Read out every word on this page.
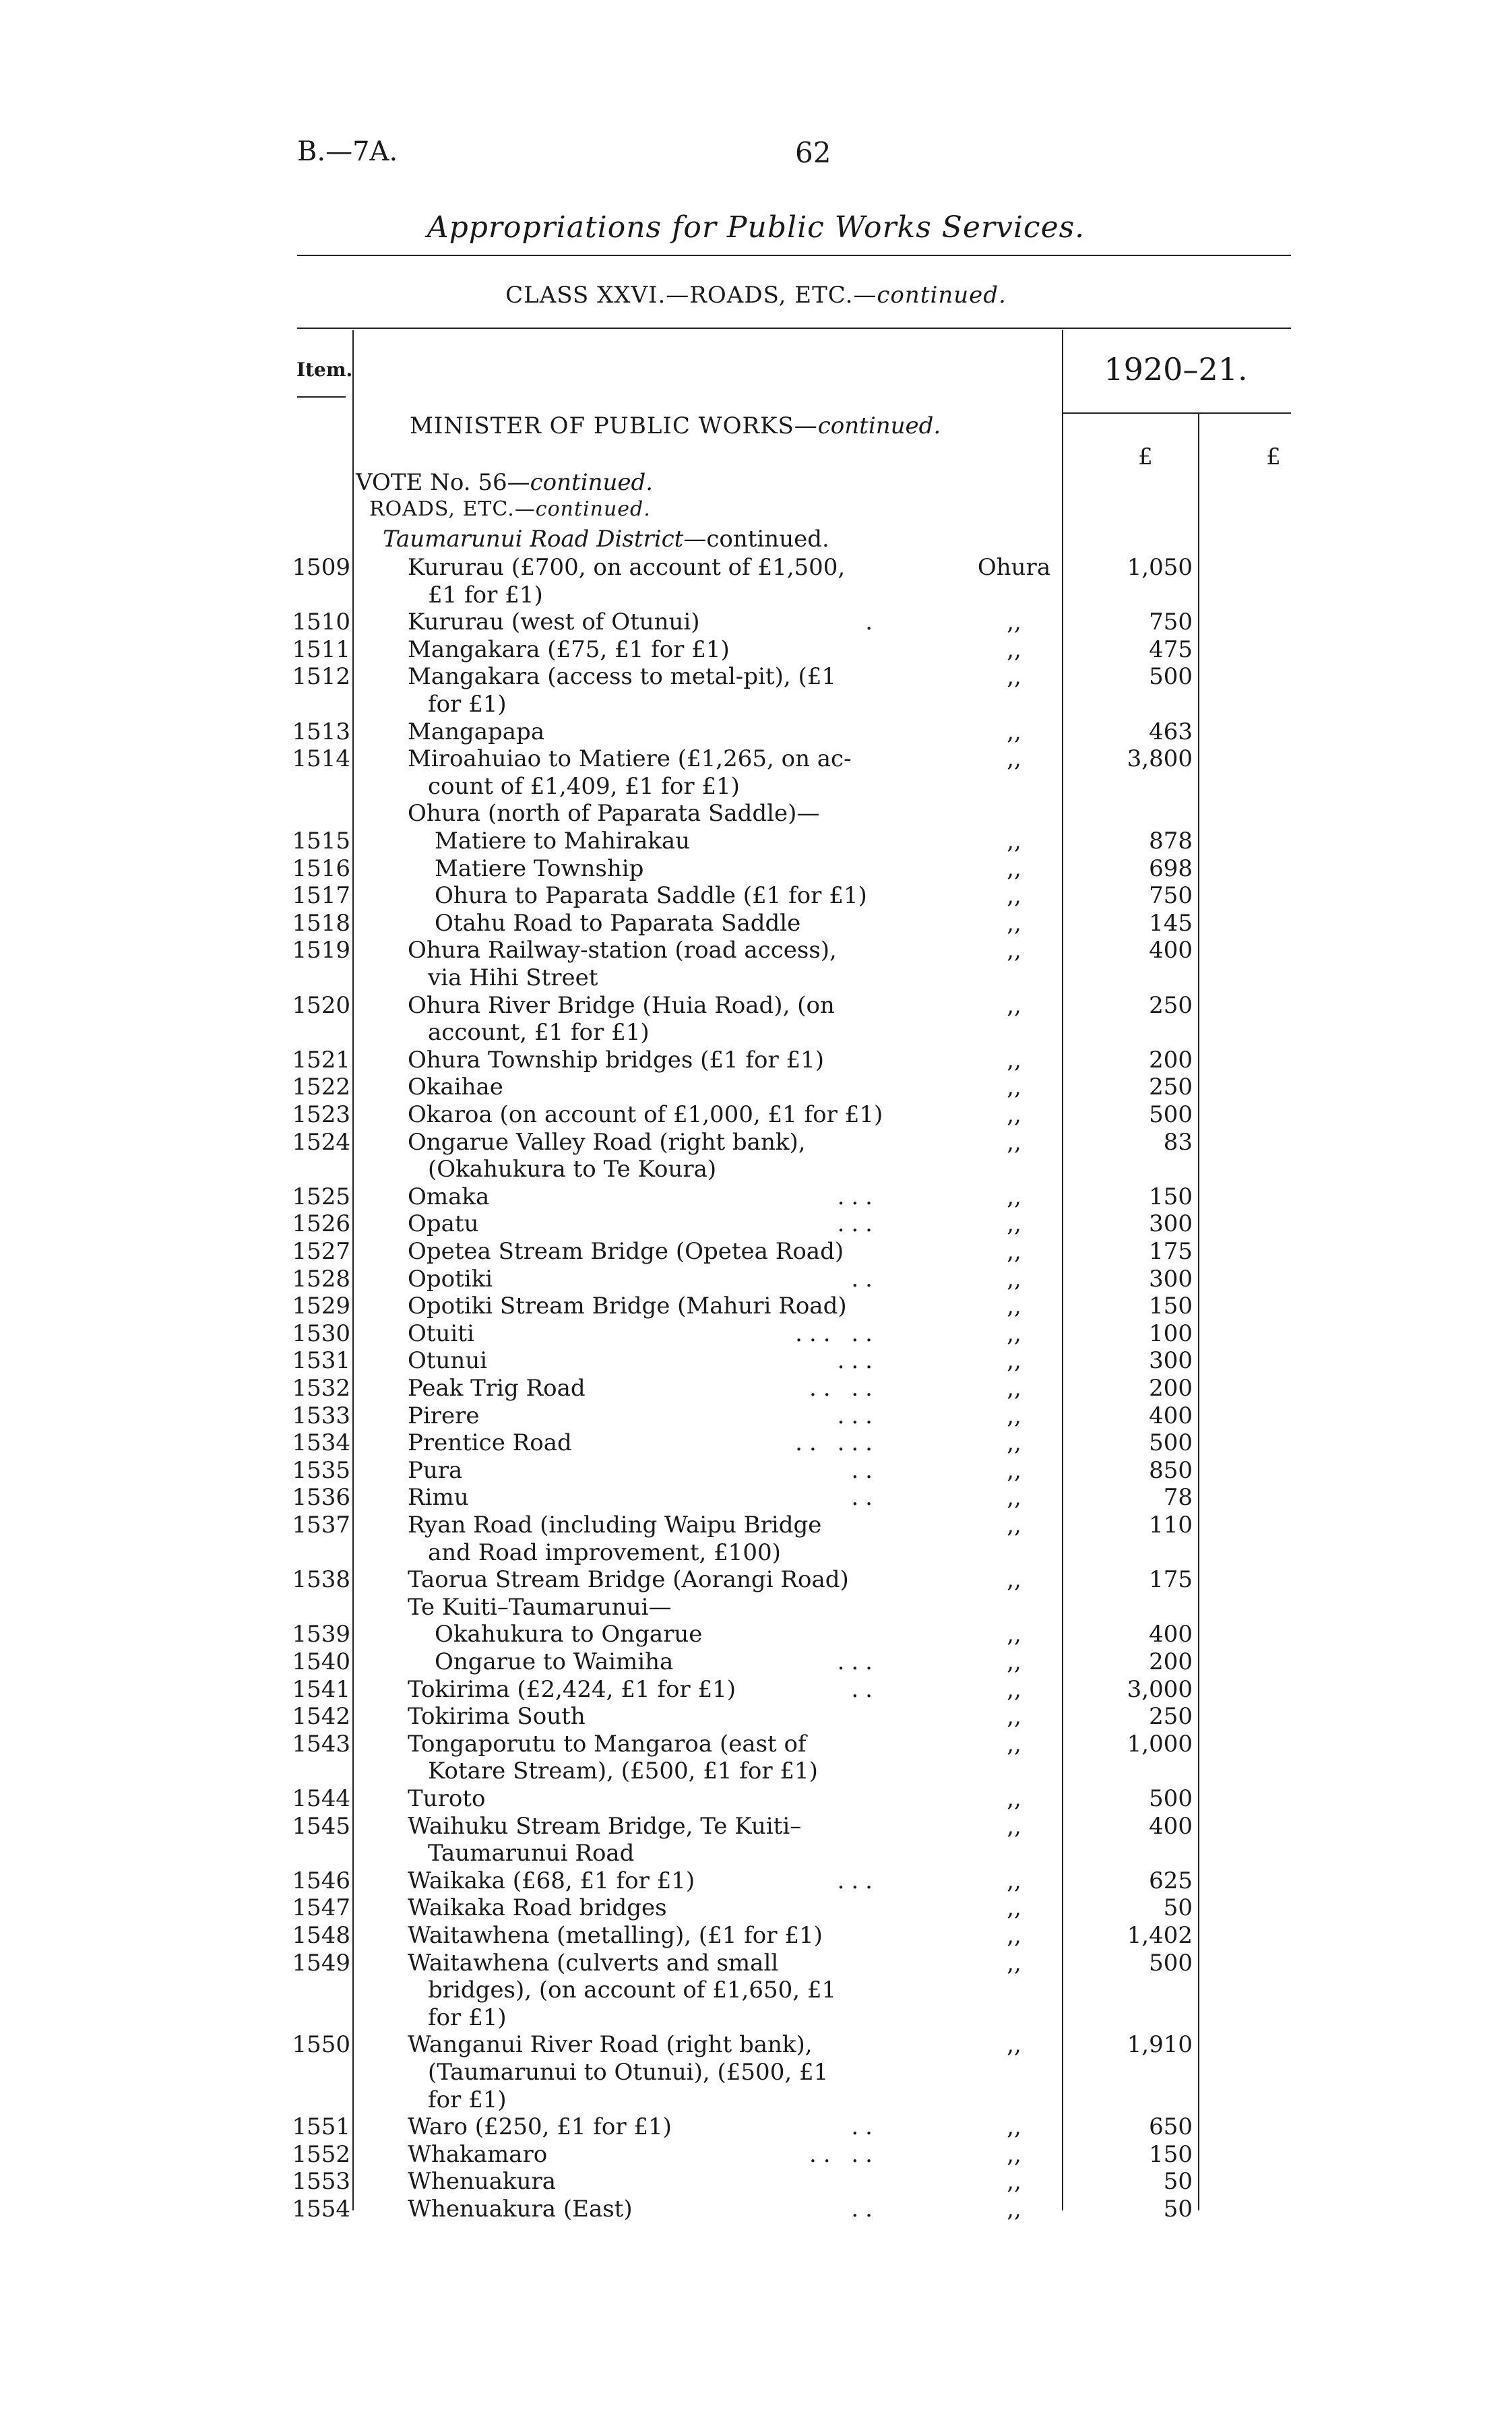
B.—7A.	62
Appropriations for Public Works Services.
CLASS XXVI.—ROADS, ETC.—continued.
Item.	1920–21.
£	£
MINISTER OF PUBLIC WORKS—continued.
VOTE No. 56—continued.
ROADS, ETC.—continued.
Taumarunui Road District—continued.
1509	Kururau (£700, on account of £1,500,
£1 for £1)
Ohura	1,050
1510	Kururau (west of Otunui)	.	,,	750
1511	Mangakara (£75, £1 for £1)	,,	475
1512	Mangakara (access to metal-pit), (£1
for £1)
,,	500
1513	Mangapapa	,,	463
1514	Miroahuiao to Matiere (£1,265, on ac-
count of £1,409, £1 for £1)
,,	3,800
Ohura (north of Paparata Saddle)—
1515	Matiere to Mahirakau	,,	878
1516	Matiere Township	,,	698
1517	Ohura to Paparata Saddle (£1 for £1)	,,	750
1518	Otahu Road to Paparata Saddle	,,	145
1519	Ohura Railway-station (road access),
via Hihi Street
,,	400
1520	Ohura River Bridge (Huia Road), (on
account, £1 for £1)
,,	250
1521	Ohura Township bridges (£1 for £1)	,,	200
1522	Okaihae	,,	250
1523	Okaroa (on account of £1,000, £1 for £1)	,,	500
1524	Ongarue Valley Road (right bank),
(Okahukura to Te Koura)
,,	83
1525	Omaka	...	,,	150
1526	Opatu	...	,,	300
1527	Opetea Stream Bridge (Opetea Road)	,,	175
1528	Opotiki	..	,,	300
1529	Opotiki Stream Bridge (Mahuri Road)	,,	150
1530	Otuiti	... ..	,,	100
1531	Otunui	...	,,	300
1532	Peak Trig Road	.. ..	,,	200
1533	Pirere	...	,,	400
1534	Prentice Road	.. ...	,,	500
1535	Pura	..	,,	850
1536	Rimu	..	,,	78
1537	Ryan Road (including Waipu Bridge
and Road improvement, £100)
,,	110
1538	Taorua Stream Bridge (Aorangi Road)	,,	175
Te Kuiti–Taumarunui—
1539	Okahukura to Ongarue	,,	400
1540	Ongarue to Waimiha	...	,,	200
1541	Tokirima (£2,424, £1 for £1)	..	,,	3,000
1542	Tokirima South	,,	250
1543	Tongaporutu to Mangaroa (east of
Kotare Stream), (£500, £1 for £1)
,,	1,000
1544	Turoto	,,	500
1545	Waihuku Stream Bridge, Te Kuiti–
Taumarunui Road
,,	400
1546	Waikaka (£68, £1 for £1)	...	,,	625
1547	Waikaka Road bridges	,,	50
1548	Waitawhena (metalling), (£1 for £1)	,,	1,402
1549	Waitawhena (culverts and small
bridges), (on account of £1,650, £1
for £1)
,,	500
1550	Wanganui River Road (right bank),
(Taumarunui to Otunui), (£500, £1
for £1)
,,	1,910
1551	Waro (£250, £1 for £1)	..	,,	650
1552	Whakamaro	.. ..	,,	150
1553	Whenuakura	,,	50
1554	Whenuakura (East)	..	,,	50
